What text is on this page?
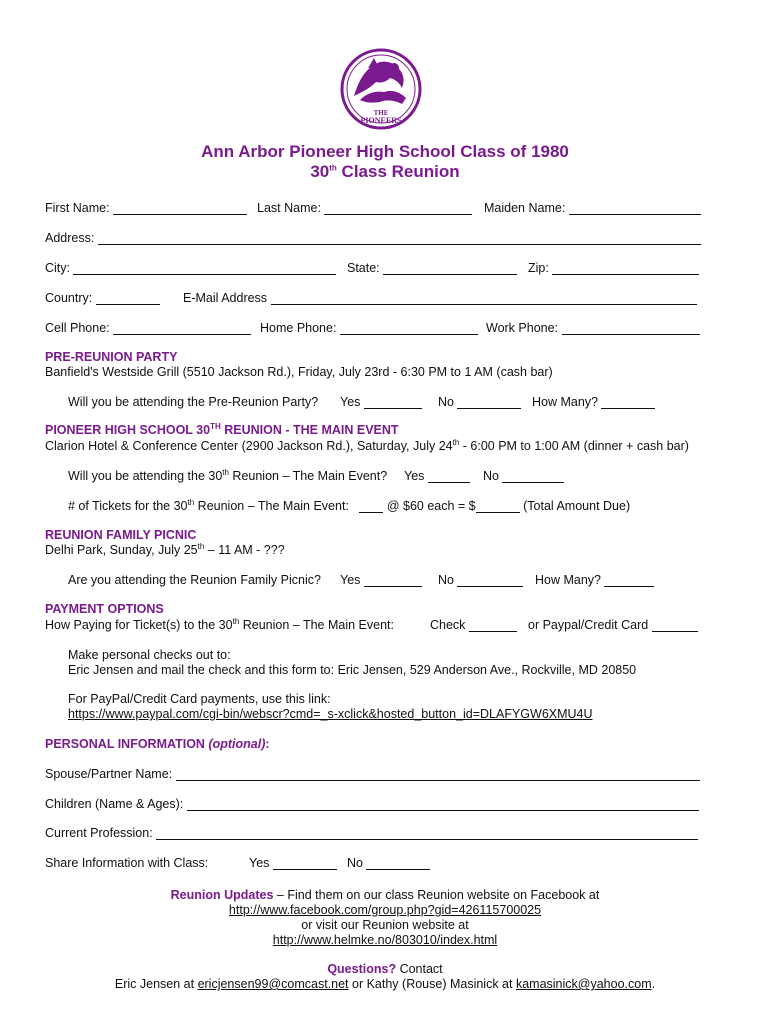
THE
PIONEERS
ANN ARBOR
Ann Arbor Pioneer High School Class of 1980
30th Class Reunion
First Name:	Last Name:	Maiden Name:
Address:
City:	State:	Zip:
Country:	E-Mail Address
Cell Phone:	Home Phone:	Work Phone:
PRE-REUNION PARTY
Banfield's Westside Grill (5510 Jackson Rd.), Friday, July 23rd - 6:30 PM to 1 AM (cash bar)
Will you be attending the Pre-Reunion Party? Yes	No	How Many?
PIONEER HIGH SCHOOL 30TH REUNION - THE MAIN EVENT
Clarion Hotel & Conference Center (2900 Jackson Rd.), Saturday, July 24th - 6:00 PM to 1:00 AM (dinner + cash bar)
Will you be attending the 30th Reunion – The Main Event? Yes	No
# of Tickets for the 30th Reunion – The Main Event:	@ $60 each = $	(Total Amount Due)
REUNION FAMILY PICNIC
Delhi Park, Sunday, July 25th – 11 AM - ???
Are you attending the Reunion Family Picnic? Yes	No	How Many?
PAYMENT OPTIONS
How Paying for Ticket(s) to the 30th Reunion – The Main Event:	Check	or Paypal/Credit Card
Make personal checks out to:
Eric Jensen and mail the check and this form to: Eric Jensen, 529 Anderson Ave., Rockville, MD 20850
For PayPal/Credit Card payments, use this link:
https://www.paypal.com/cgi-bin/webscr?cmd=_s-xclick&hosted_button_id=DLAFYGW6XMU4U
PERSONAL INFORMATION (optional):
Spouse/Partner Name:
Children (Name & Ages):
Current Profession:
Share Information with Class:	Yes	No
Reunion Updates – Find them on our class Reunion website on Facebook at
http://www.facebook.com/group.php?gid=426115700025
or visit our Reunion website at
http://www.helmke.no/803010/index.html
Questions? Contact
Eric Jensen at ericjensen99@comcast.net or Kathy (Rouse) Masinick at kamasinick@yahoo.com.
